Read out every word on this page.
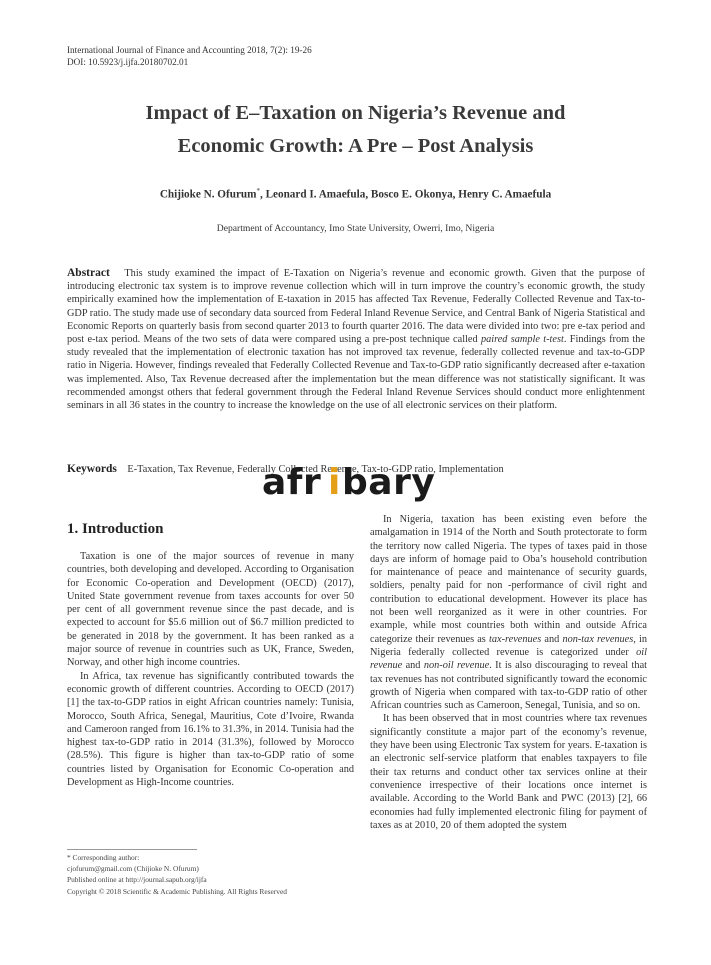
International Journal of Finance and Accounting 2018, 7(2): 19-26
DOI: 10.5923/j.ijfa.20180702.01
Impact of E–Taxation on Nigeria’s Revenue and
Economic Growth: A Pre – Post Analysis
Chijioke N. Ofurum*, Leonard I. Amaefula, Bosco E. Okonya, Henry C. Amaefula
Department of Accountancy, Imo State University, Owerri, Imo, Nigeria
Abstract This study examined the impact of E-Taxation on Nigeria’s revenue and economic growth. Given that the purpose of introducing electronic tax system is to improve revenue collection which will in turn improve the country’s economic growth, the study empirically examined how the implementation of E-taxation in 2015 has affected Tax Revenue, Federally Collected Revenue and Tax-to-GDP ratio. The study made use of secondary data sourced from Federal Inland Revenue Service, and Central Bank of Nigeria Statistical and Economic Reports on quarterly basis from second quarter 2013 to fourth quarter 2016. The data were divided into two: pre e-tax period and post e-tax period. Means of the two sets of data were compared using a pre-post technique called paired sample t-test. Findings from the study revealed that the implementation of electronic taxation has not improved tax revenue, federally collected revenue and tax-to-GDP ratio in Nigeria. However, findings revealed that Federally Collected Revenue and Tax-to-GDP ratio significantly decreased after e-taxation was implemented. Also, Tax Revenue decreased after the implementation but the mean difference was not statistically significant. It was recommended amongst others that federal government through the Federal Inland Revenue Services should conduct more enlightenment seminars in all 36 states in the country to increase the knowledge on the use of all electronic services on their platform.
Keywords E-Taxation, Tax Revenue, Federally Collected Revenue, Tax-to-GDP ratio, Implementation
afr i bary
1. Introduction

Taxation is one of the major sources of revenue in many countries, both developing and developed. According to Organisation for Economic Co-operation and Development (OECD) (2017), United State government revenue from taxes accounts for over 50 per cent of all government revenue since the past decade, and is expected to account for $5.6 million out of $6.7 million predicted to be generated in 2018 by the government. It has been ranked as a major source of revenue in countries such as UK, France, Sweden, Norway, and other high income countries.

In Africa, tax revenue has significantly contributed towards the economic growth of different countries. According to OECD (2017) [1] the tax-to-GDP ratios in eight African countries namely: Tunisia, Morocco, South Africa, Senegal, Mauritius, Cote d’Ivoire, Rwanda and Cameroon ranged from 16.1% to 31.3%, in 2014. Tunisia had the highest tax-to-GDP ratio in 2014 (31.3%), followed by Morocco (28.5%). This figure is higher than tax-to-GDP ratio of some countries listed by Organisation for Economic Co-operation and Development as High-Income countries.

In Nigeria, taxation has been existing even before the amalgamation in 1914 of the North and South protectorate to form the territory now called Nigeria. The types of taxes paid in those days are inform of homage paid to Oba’s household contribution for maintenance of peace and maintenance of security guards, soldiers, penalty paid for non -performance of civil right and contribution to educational development. However its place has not been well reorganized as it were in other countries. For example, while most countries both within and outside Africa categorize their revenues as tax-revenues and non-tax revenues, in Nigeria federally collected revenue is categorized under oil revenue and non-oil revenue. It is also discouraging to reveal that tax revenues has not contributed significantly toward the economic growth of Nigeria when compared with tax-to-GDP ratio of other African countries such as Cameroon, Senegal, Tunisia, and so on.

It has been observed that in most countries where tax revenues significantly constitute a major part of the economy’s revenue, they have been using Electronic Tax system for years. E-taxation is an electronic self-service platform that enables taxpayers to file their tax returns and conduct other tax services online at their convenience irrespective of their locations once internet is available. According to the World Bank and PWC (2013) [2], 66 economies had fully implemented electronic filing for payment of taxes as at 2010, 20 of them adopted the system

* Corresponding author:
cjofurum@gmail.com (Chijioke N. Ofurum)
Published online at http://journal.sapub.org/ijfa
Copyright © 2018 Scientific & Academic Publishing. All Rights Reserved
